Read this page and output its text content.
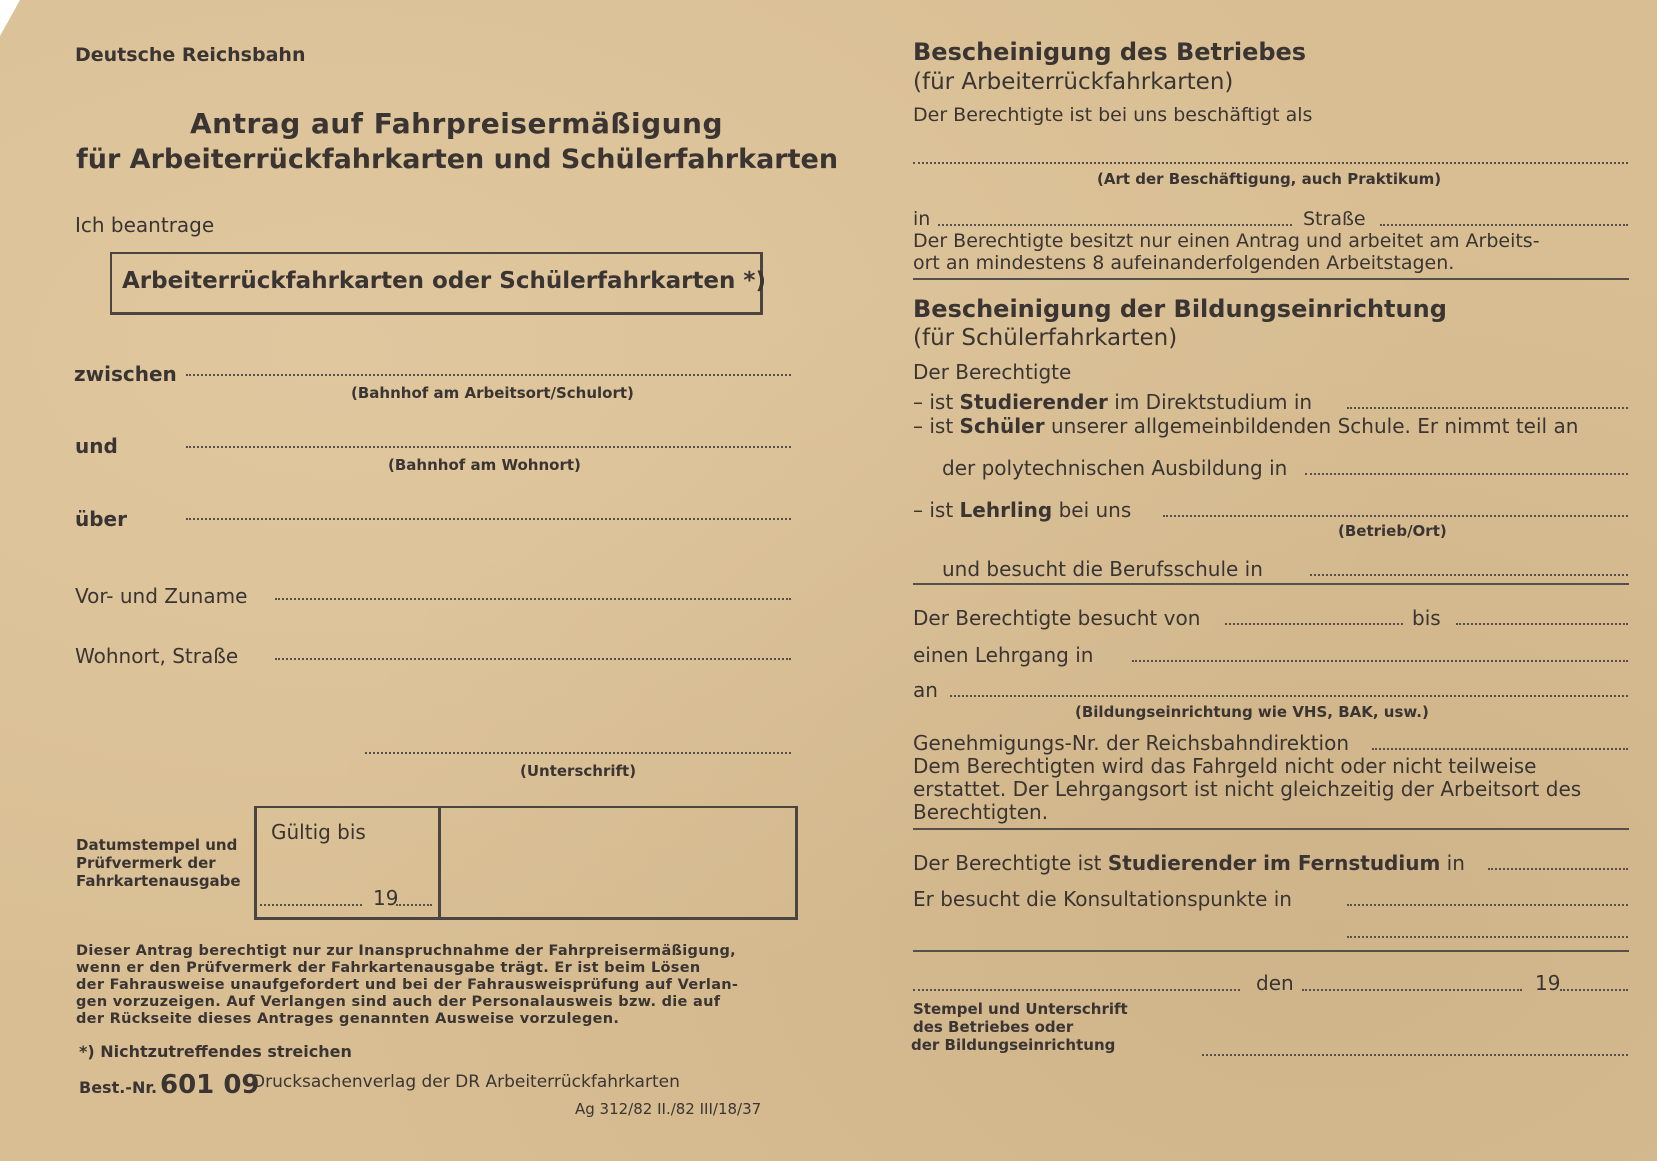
Deutsche Reichsbahn
Antrag auf Fahrpreisermäßigung
für Arbeiterrückfahrkarten und Schülerfahrkarten
Ich beantrage
Arbeiterrückfahrkarten oder Schülerfahrkarten *)
zwischen
(Bahnhof am Arbeitsort/Schulort)
und
(Bahnhof am Wohnort)
über
Vor- und Zuname
Wohnort, Straße
(Unterschrift)
Datumstempel und
Prüfvermerk der
Fahrkartenausgabe
Gültig bis
19
Dieser Antrag berechtigt nur zur Inanspruchnahme der Fahrpreisermäßigung,
wenn er den Prüfvermerk der Fahrkartenausgabe trägt. Er ist beim Lösen
der Fahrausweise unaufgefordert und bei der Fahrausweisprüfung auf Verlan-
gen vorzuzeigen. Auf Verlangen sind auch der Personalausweis bzw. die auf
der Rückseite dieses Antrages genannten Ausweise vorzulegen.
*) Nichtzutreffendes streichen
Best.-Nr. 601 09
Drucksachenverlag der DR Arbeiterrückfahrkarten
Ag 312/82 II./82 III/18/37
Bescheinigung des Betriebes
(für Arbeiterrückfahrkarten)
Der Berechtigte ist bei uns beschäftigt als
(Art der Beschäftigung, auch Praktikum)
in	Straße
Der Berechtigte besitzt nur einen Antrag und arbeitet am Arbeits-
ort an mindestens 8 aufeinanderfolgenden Arbeitstagen.
Bescheinigung der Bildungseinrichtung
(für Schülerfahrkarten)
Der Berechtigte
– ist Studierender im Direktstudium in
– ist Schüler unserer allgemeinbildenden Schule. Er nimmt teil an
der polytechnischen Ausbildung in
– ist Lehrling bei uns
(Betrieb/Ort)
und besucht die Berufsschule in
Der Berechtigte besucht von	bis
einen Lehrgang in
an
(Bildungseinrichtung wie VHS, BAK, usw.)
Genehmigungs-Nr. der Reichsbahndirektion
Dem Berechtigten wird das Fahrgeld nicht oder nicht teilweise
erstattet. Der Lehrgangsort ist nicht gleichzeitig der Arbeitsort des
Berechtigten.
Der Berechtigte ist Studierender im Fernstudium in
Er besucht die Konsultationspunkte in
den	19
Stempel und Unterschrift
des Betriebes oder
der Bildungseinrichtung
